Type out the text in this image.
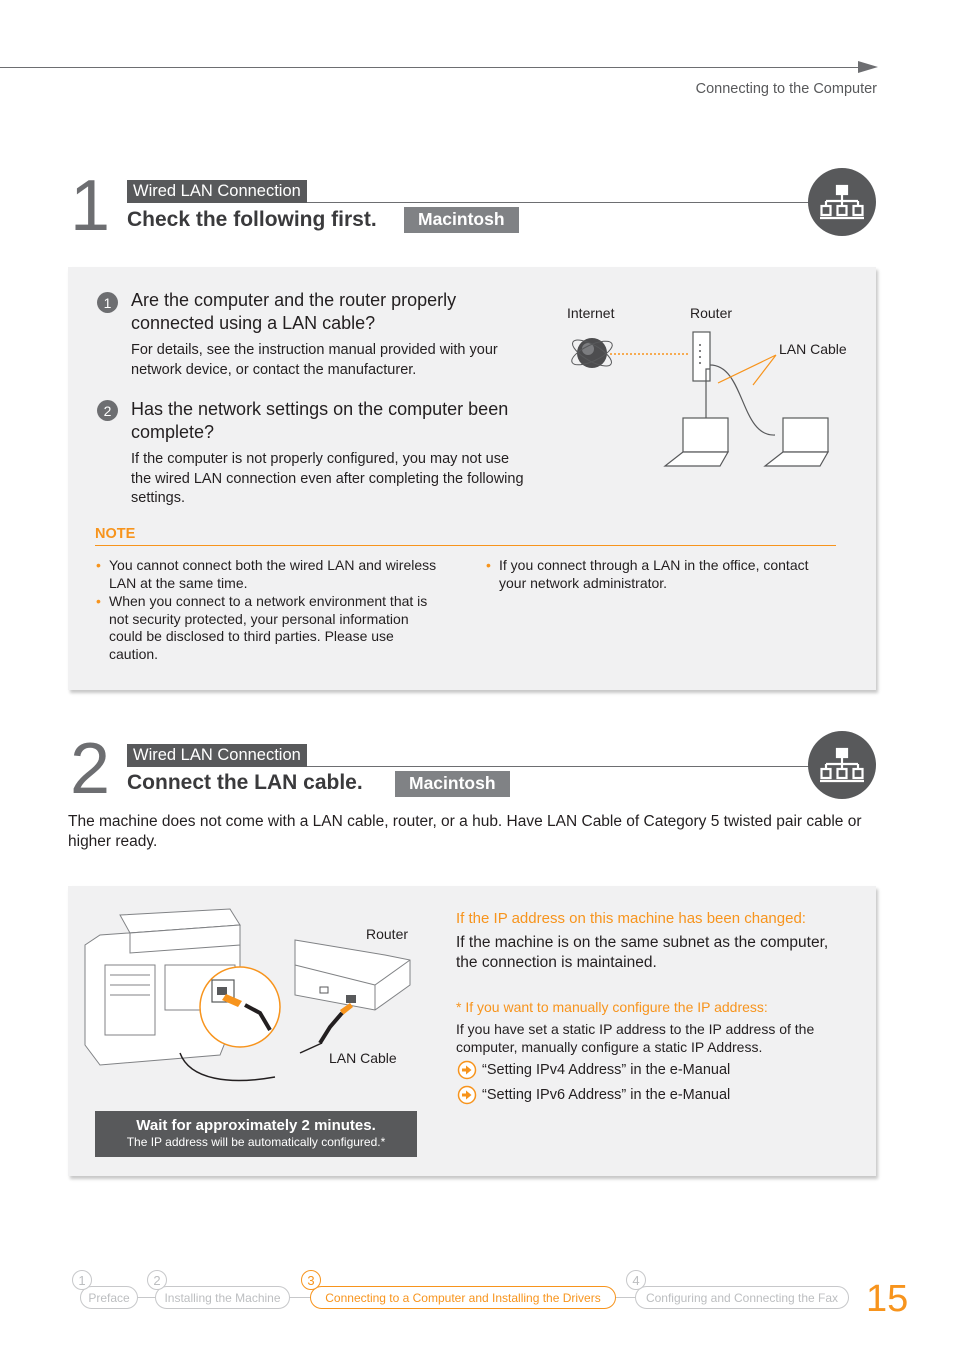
Connecting to the Computer
1	Wired LAN Connection
Check the following first.	Macintosh
1	Are the computer and the router properly connected using a LAN cable?
For details, see the instruction manual provided with your network device, or contact the manufacturer.
2	Has the network settings on the computer been complete?
If the computer is not properly configured, you may not use the wired LAN connection even after completing the following settings.
Internet	Router
LAN Cable
NOTE
• You cannot connect both the wired LAN and wireless LAN at the same time.
• When you connect to a network environment that is not security protected, your personal information could be disclosed to third parties. Please use caution.
• If you connect through a LAN in the office, contact your network administrator.
2	Wired LAN Connection
Connect the LAN cable.	Macintosh
The machine does not come with a LAN cable, router, or a hub. Have LAN Cable of Category 5 twisted pair cable or higher ready.
Router
LAN Cable
Wait for approximately 2 minutes.
The IP address will be automatically configured.*
If the IP address on this machine has been changed:
If the machine is on the same subnet as the computer, the connection is maintained.
* If you want to manually configure the IP address:
If you have set a static IP address to the IP address of the computer, manually configure a static IP Address.
“Setting IPv4 Address” in the e-Manual
“Setting IPv6 Address” in the e-Manual
Preface
1
Installing the Machine
2
Connecting to a Computer and Installing the Drivers
3
Configuring and Connecting the Fax
4	15
